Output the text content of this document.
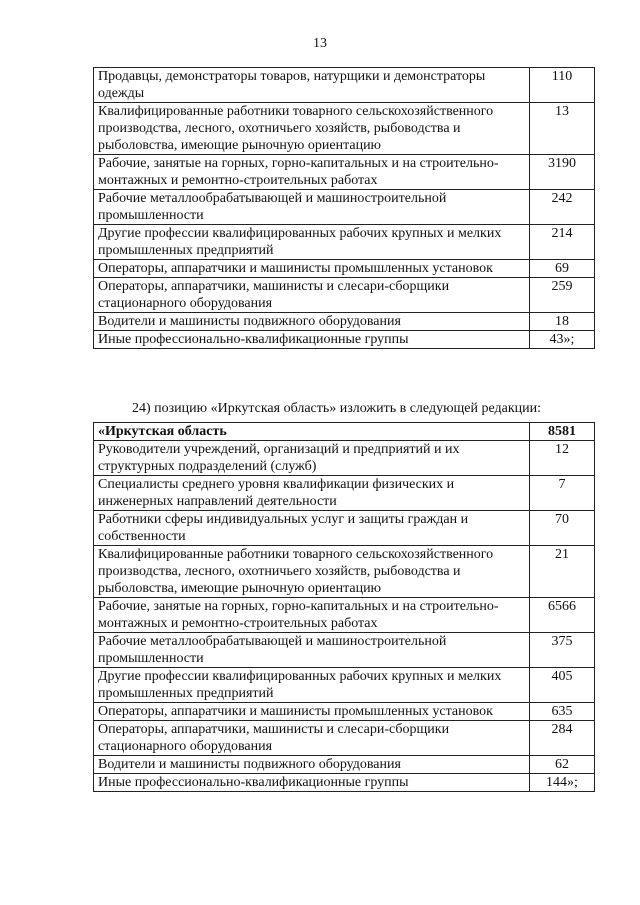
13
Продавцы, демонстраторы товаров, натурщики и демонстраторы одежды	110
Квалифицированные работники товарного сельскохозяйственного производства, лесного, охотничьего хозяйств, рыбоводства и рыболовства, имеющие рыночную ориентацию	13
Рабочие, занятые на горных, горно-капитальных и на строительно-монтажных и ремонтно-строительных работах	3190
Рабочие металлообрабатывающей и машиностроительной промышленности	242
Другие профессии квалифицированных рабочих крупных и мелких промышленных предприятий	214
Операторы, аппаратчики и машинисты промышленных установок	69
Операторы, аппаратчики, машинисты и слесари-сборщики стационарного оборудования	259
Водители и машинисты подвижного оборудования	18
Иные профессионально-квалификационные группы	43»;
24) позицию «Иркутская область» изложить в следующей редакции:
«Иркутская область	8581
Руководители учреждений, организаций и предприятий и их структурных подразделений (служб)	12
Специалисты среднего уровня квалификации физических и инженерных направлений деятельности	7
Работники сферы индивидуальных услуг и защиты граждан и собственности	70
Квалифицированные работники товарного сельскохозяйственного производства, лесного, охотничьего хозяйств, рыбоводства и рыболовства, имеющие рыночную ориентацию	21
Рабочие, занятые на горных, горно-капитальных и на строительно-монтажных и ремонтно-строительных работах	6566
Рабочие металлообрабатывающей и машиностроительной промышленности	375
Другие профессии квалифицированных рабочих крупных и мелких промышленных предприятий	405
Операторы, аппаратчики и машинисты промышленных установок	635
Операторы, аппаратчики, машинисты и слесари-сборщики стационарного оборудования	284
Водители и машинисты подвижного оборудования	62
Иные профессионально-квалификационные группы	144»;
